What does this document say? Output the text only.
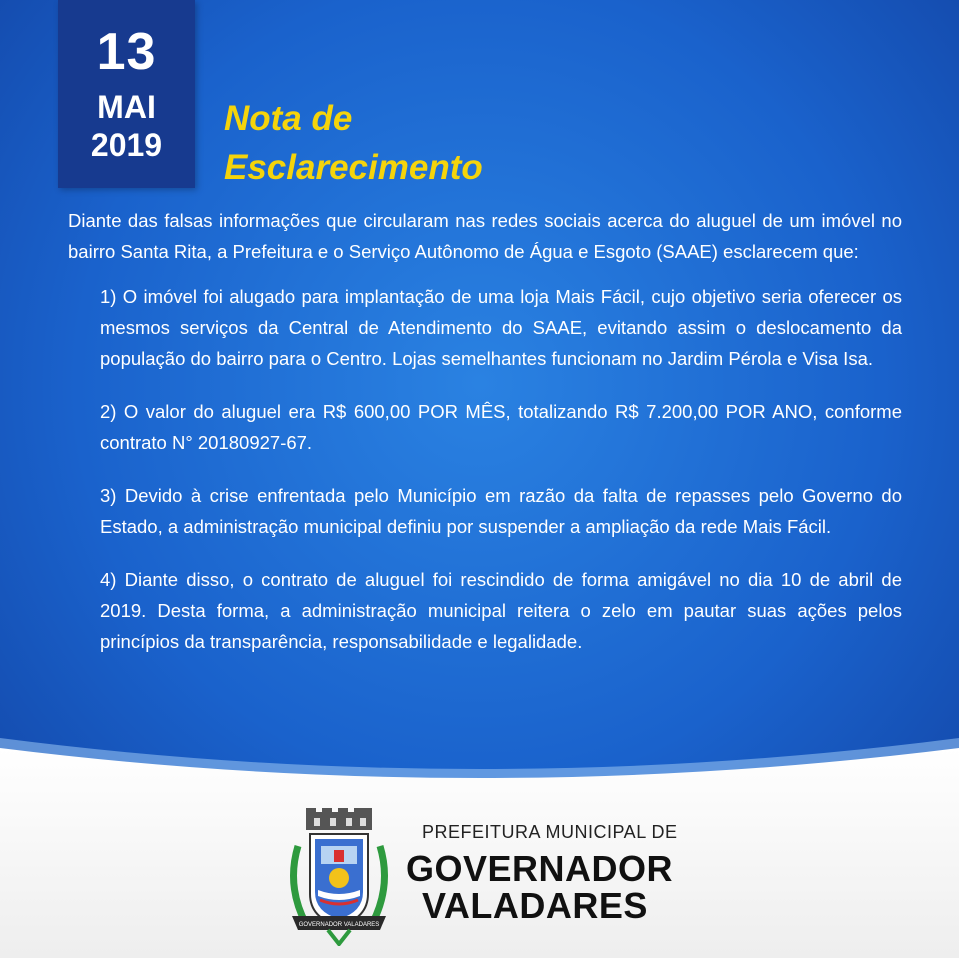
13
MAI
2019
Nota de
Esclarecimento

Diante das falsas informações que circularam nas redes sociais acerca do aluguel de um imóvel no bairro Santa Rita, a Prefeitura e o Serviço Autônomo de Água e Esgoto (SAAE) esclarecem que:

1) O imóvel foi alugado para implantação de uma loja Mais Fácil, cujo objetivo seria oferecer os mesmos serviços da Central de Atendimento do SAAE, evitando assim o deslocamento da população do bairro para o Centro. Lojas semelhantes funcionam no Jardim Pérola e Visa Isa.

2) O valor do aluguel era R$ 600,00 POR MÊS, totalizando R$ 7.200,00 POR ANO, conforme contrato N° 20180927-67.

3) Devido à crise enfrentada pelo Município em razão da falta de repasses pelo Governo do Estado, a administração municipal definiu por suspender a ampliação da rede Mais Fácil.

4) Diante disso, o contrato de aluguel foi rescindido de forma amigável no dia 10 de abril de 2019. Desta forma, a administração municipal reitera o zelo em pautar suas ações pelos princípios da transparência, responsabilidade e legalidade.

GOVERNADOR VALADARES
PREFEITURA MUNICIPAL DE
GOVERNADOR
VALADARES
